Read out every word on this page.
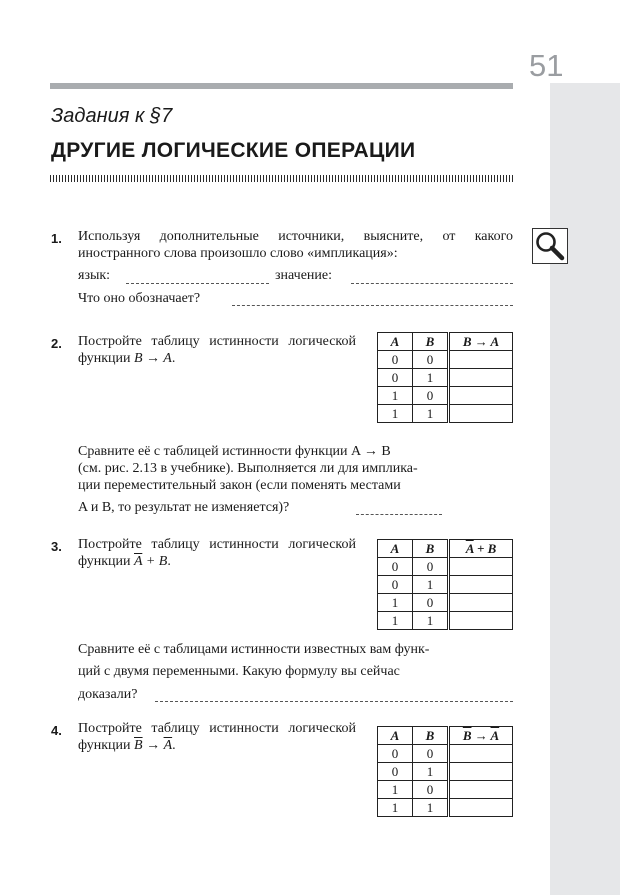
51
Задания к §7
ДРУГИЕ ЛОГИЧЕСКИЕ ОПЕРАЦИИ
1. Используя дополнительные источники, выясните, от какого иностранного слова произошло слово «импликация»:
язык:	значение:
Что оно обозначает?
2. Постройте таблицу истинности логической функции B → A.
A	B	B → A
0	0	
0	1	
1	0	
1	1	
Сравните её с таблицей истинности функции A → B
(см. рис. 2.13 в учебнике). Выполняется ли для имплика-
ции переместительный закон (если поменять местами
A и B, то результат не изменяется)?
3. Постройте таблицу истинности логической функции $\overline{A} + B$.
A	B	$\overline{A} + B$
0	0	
0	1	
1	0	
1	1	
Сравните её с таблицами истинности известных вам функ-
ций с двумя переменными. Какую формулу вы сейчас
доказали?
4. Постройте таблицу истинности логической функции $\overline{B} \to \overline{A}$.
A	B	$\overline{B} \to \overline{A}$
0	0	
0	1	
1	0	
1	1	
